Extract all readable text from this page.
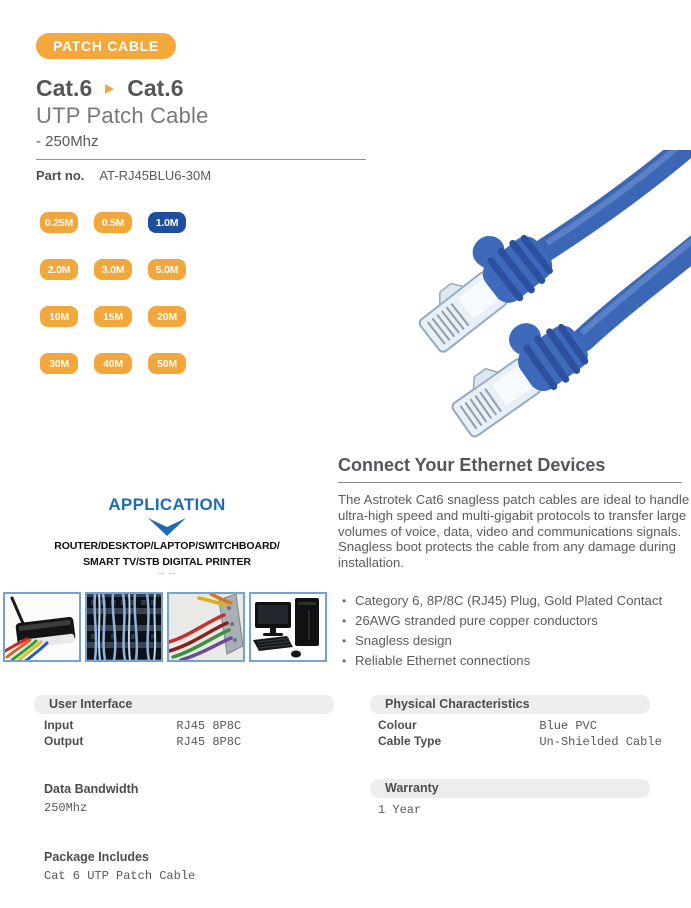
PATCH CABLE
Cat.6 Cat.6
UTP Patch Cable
- 250Mhz
Part no. AT-RJ45BLU6-30M
0.25M	0.5M	1.0M
2.0M	3.0M	5.0M
10M	15M	20M
30M	40M	50M
APPLICATION
ROUTER/DESKTOP/LAPTOP/SWITCHBOARD/
SMART TV/STB DIGITAL PRINTER
... ...
Connect Your Ethernet Devices
The Astrotek Cat6 snagless patch cables are ideal to handle ultra-high speed and multi-gigabit protocols to transfer large volumes of voice, data, video and communications signals. Snagless boot protects the cable from any damage during installation.
• Category 6, 8P/8C (RJ45) Plug, Gold Plated Contact
• 26AWG stranded pure copper conductors
• Snagless design
• Reliable Ethernet connections
User Interface
Input	RJ45 8P8C
Output	RJ45 8P8C
Physical Characteristics
Colour	Blue PVC
Cable Type	Un-Shielded Cable
Data Bandwidth
250Mhz
Warranty
1 Year
Package Includes
Cat 6 UTP Patch Cable
